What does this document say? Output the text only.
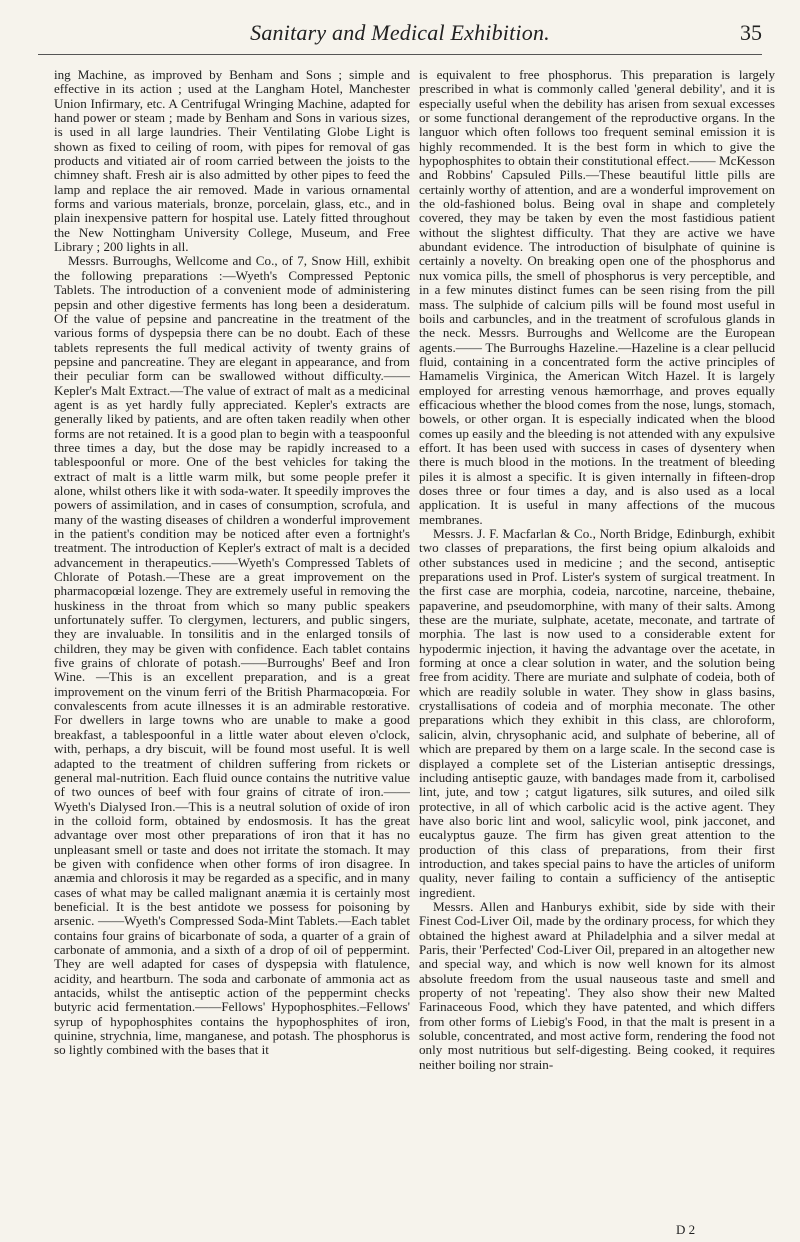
Sanitary and Medical Exhibition.	35

ing Machine, as improved by Benham and Sons ; simple and effective in its action ; used at the Langham Hotel, Manchester Union Infirmary, etc. A Centrifugal Wringing Machine, adapted for hand power or steam ; made by Benham and Sons in various sizes, is used in all large laundries. Their Ventilating Globe Light is shown as fixed to ceiling of room, with pipes for removal of gas products and vitiated air of room carried between the joists to the chimney shaft. Fresh air is also admitted by other pipes to feed the lamp and replace the air removed. Made in various ornamental forms and various materials, bronze, porcelain, glass, etc., and in plain inexpensive pattern for hospital use. Lately fitted throughout the New Nottingham University College, Museum, and Free Library ; 200 lights in all.

Messrs. Burroughs, Wellcome and Co., of 7, Snow Hill, exhibit the following preparations :—Wyeth's Compressed Peptonic Tablets. The introduction of a convenient mode of administering pepsin and other digestive ferments has long been a desideratum. Of the value of pepsine and pancreatine in the treatment of the various forms of dyspepsia there can be no doubt. Each of these tablets represents the full medical activity of twenty grains of pepsine and pancreatine. They are elegant in appearance, and from their peculiar form can be swallowed without difficulty.——Kepler's Malt Extract.—The value of extract of malt as a medicinal agent is as yet hardly fully appreciated. Kepler's extracts are generally liked by patients, and are often taken readily when other forms are not retained. It is a good plan to begin with a teaspoonful three times a day, but the dose may be rapidly increased to a tablespoonful or more. One of the best vehicles for taking the extract of malt is a little warm milk, but some people prefer it alone, whilst others like it with soda-water. It speedily improves the powers of assimilation, and in cases of consumption, scrofula, and many of the wasting diseases of children a wonderful improvement in the patient's condition may be noticed after even a fortnight's treatment. The introduction of Kepler's extract of malt is a decided advancement in therapeutics.——Wyeth's Compressed Tablets of Chlorate of Potash.—These are a great improvement on the pharmacopœial lozenge. They are extremely useful in removing the huskiness in the throat from which so many public speakers unfortunately suffer. To clergymen, lecturers, and public singers, they are invaluable. In tonsilitis and in the enlarged tonsils of children, they may be given with confidence. Each tablet contains five grains of chlorate of potash.——Burroughs' Beef and Iron Wine. —This is an excellent preparation, and is a great improvement on the vinum ferri of the British Pharmacopœia. For convalescents from acute illnesses it is an admirable restorative. For dwellers in large towns who are unable to make a good breakfast, a tablespoonful in a little water about eleven o'clock, with, perhaps, a dry biscuit, will be found most useful. It is well adapted to the treatment of children suffering from rickets or general mal-nutrition. Each fluid ounce contains the nutritive value of two ounces of beef with four grains of citrate of iron.——Wyeth's Dialysed Iron.—This is a neutral solution of oxide of iron in the colloid form, obtained by endosmosis. It has the great advantage over most other preparations of iron that it has no unpleasant smell or taste and does not irritate the stomach. It may be given with confidence when other forms of iron disagree. In anæmia and chlorosis it may be regarded as a specific, and in many cases of what may be called malignant anæmia it is certainly most beneficial. It is the best antidote we possess for poisoning by arsenic. ——Wyeth's Compressed Soda-Mint Tablets.—Each tablet contains four grains of bicarbonate of soda, a quarter of a grain of carbonate of ammonia, and a sixth of a drop of oil of peppermint. They are well adapted for cases of dyspepsia with flatulence, acidity, and heartburn. The soda and carbonate of ammonia act as antacids, whilst the antiseptic action of the peppermint checks butyric acid fermentation.——Fellows' Hypophosphites.–Fellows' syrup of hypophosphites contains the hypophosphites of iron, quinine, strychnia, lime, manganese, and potash. The phosphorus is so lightly combined with the bases that it

is equivalent to free phosphorus. This preparation is largely prescribed in what is commonly called 'general debility', and it is especially useful when the debility has arisen from sexual excesses or some functional derangement of the reproductive organs. In the languor which often follows too frequent seminal emission it is highly recommended. It is the best form in which to give the hypophosphites to obtain their constitutional effect.—— McKesson and Robbins' Capsuled Pills.—These beautiful little pills are certainly worthy of attention, and are a wonderful improvement on the old-fashioned bolus. Being oval in shape and completely covered, they may be taken by even the most fastidious patient without the slightest difficulty. That they are active we have abundant evidence. The introduction of bisulphate of quinine is certainly a novelty. On breaking open one of the phosphorus and nux vomica pills, the smell of phosphorus is very perceptible, and in a few minutes distinct fumes can be seen rising from the pill mass. The sulphide of calcium pills will be found most useful in boils and carbuncles, and in the treatment of scrofulous glands in the neck. Messrs. Burroughs and Wellcome are the European agents.—— The Burroughs Hazeline.—Hazeline is a clear pellucid fluid, containing in a concentrated form the active principles of Hamamelis Virginica, the American Witch Hazel. It is largely employed for arresting venous hæmorrhage, and proves equally efficacious whether the blood comes from the nose, lungs, stomach, bowels, or other organ. It is especially indicated when the blood comes up easily and the bleeding is not attended with any expulsive effort. It has been used with success in cases of dysentery when there is much blood in the motions. In the treatment of bleeding piles it is almost a specific. It is given internally in fifteen-drop doses three or four times a day, and is also used as a local application. It is useful in many affections of the mucous membranes.

Messrs. J. F. Macfarlan & Co., North Bridge, Edinburgh, exhibit two classes of preparations, the first being opium alkaloids and other substances used in medicine ; and the second, antiseptic preparations used in Prof. Lister's system of surgical treatment. In the first case are morphia, codeia, narcotine, narceine, thebaine, papaverine, and pseudomorphine, with many of their salts. Among these are the muriate, sulphate, acetate, meconate, and tartrate of morphia. The last is now used to a considerable extent for hypodermic injection, it having the advantage over the acetate, in forming at once a clear solution in water, and the solution being free from acidity. There are muriate and sulphate of codeia, both of which are readily soluble in water. They show in glass basins, crystallisations of codeia and of morphia meconate. The other preparations which they exhibit in this class, are chloroform, salicin, alvin, chrysophanic acid, and sulphate of beberine, all of which are prepared by them on a large scale. In the second case is displayed a complete set of the Listerian antiseptic dressings, including antiseptic gauze, with bandages made from it, carbolised lint, jute, and tow ; catgut ligatures, silk sutures, and oiled silk protective, in all of which carbolic acid is the active agent. They have also boric lint and wool, salicylic wool, pink jacconet, and eucalyptus gauze. The firm has given great attention to the production of this class of preparations, from their first introduction, and takes special pains to have the articles of uniform quality, never failing to contain a sufficiency of the antiseptic ingredient.

Messrs. Allen and Hanburys exhibit, side by side with their Finest Cod-Liver Oil, made by the ordinary process, for which they obtained the highest award at Philadelphia and a silver medal at Paris, their 'Perfected' Cod-Liver Oil, prepared in an altogether new and special way, and which is now well known for its almost absolute freedom from the usual nauseous taste and smell and property of not 'repeating'. They also show their new Malted Farinaceous Food, which they have patented, and which differs from other forms of Liebig's Food, in that the malt is present in a soluble, concentrated, and most active form, rendering the food not only most nutritious but self-digesting. Being cooked, it requires neither boiling nor strain-

D 2
